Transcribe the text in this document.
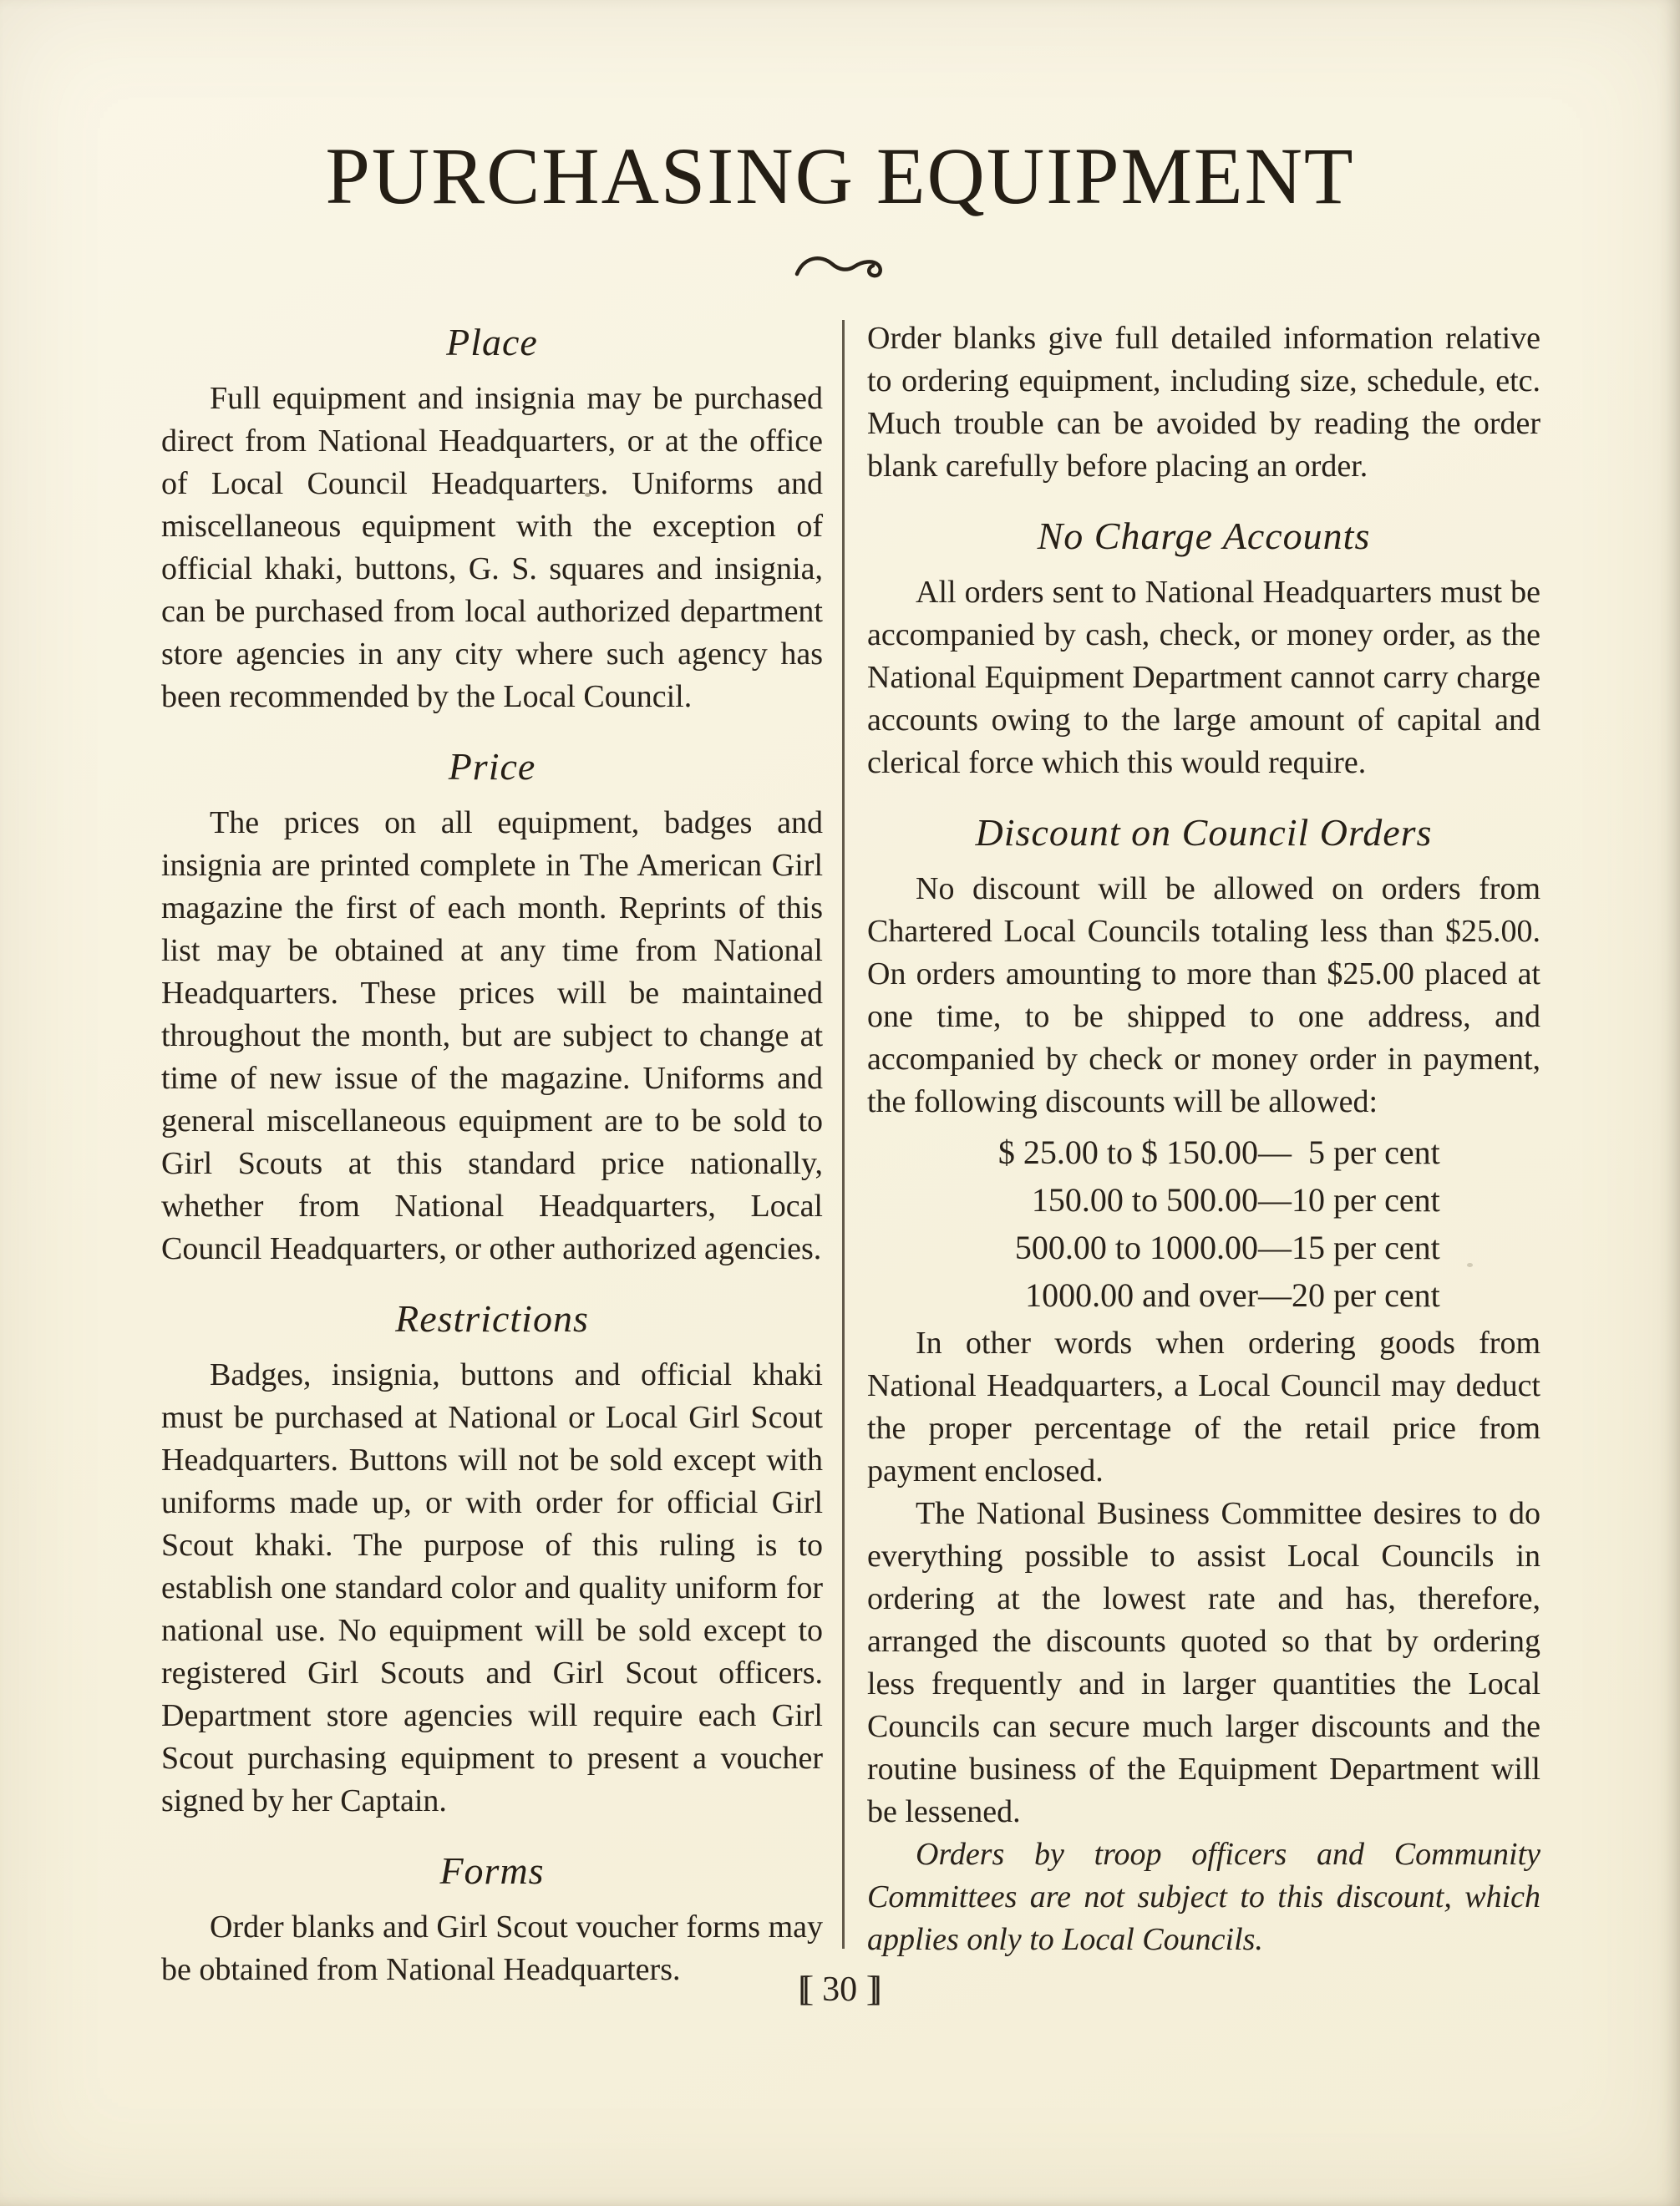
PURCHASING EQUIPMENT
Place

Full equipment and insignia may be purchased direct from National Headquarters, or at the office of Local Council Headquarters. Uniforms and miscellaneous equipment with the exception of official khaki, buttons, G. S. squares and insignia, can be purchased from local authorized department store agencies in any city where such agency has been recommended by the Local Council.

Price

The prices on all equipment, badges and insignia are printed complete in The American Girl magazine the first of each month. Reprints of this list may be obtained at any time from National Headquarters. These prices will be maintained throughout the month, but are subject to change at time of new issue of the magazine. Uniforms and general miscellaneous equipment are to be sold to Girl Scouts at this standard price nationally, whether from National Headquarters, Local Council Headquarters, or other authorized agencies.

Restrictions

Badges, insignia, buttons and official khaki must be purchased at National or Local Girl Scout Headquarters. Buttons will not be sold except with uniforms made up, or with order for official Girl Scout khaki. The purpose of this ruling is to establish one standard color and quality uniform for national use. No equipment will be sold except to registered Girl Scouts and Girl Scout officers. Department store agencies will require each Girl Scout purchasing equipment to present a voucher signed by her Captain.

Forms

Order blanks and Girl Scout voucher forms may be obtained from National Headquarters.

Order blanks give full detailed information relative to ordering equipment, including size, schedule, etc. Much trouble can be avoided by reading the order blank carefully before placing an order.

No Charge Accounts

All orders sent to National Headquarters must be accompanied by cash, check, or money order, as the National Equipment Department cannot carry charge accounts owing to the large amount of capital and clerical force which this would require.

Discount on Council Orders

No discount will be allowed on orders from Chartered Local Councils totaling less than $25.00. On orders amounting to more than $25.00 placed at one time, to be shipped to one address, and accompanied by check or money order in payment, the following discounts will be allowed:

$ 25.00 to $ 150.00 —  5 per cent
150.00 to 500.00 —10 per cent
500.00 to 1000.00 —15 per cent
1000.00 and over —20 per cent

In other words when ordering goods from National Headquarters, a Local Council may deduct the proper percentage of the retail price from payment enclosed.

The National Business Committee desires to do everything possible to assist Local Councils in ordering at the lowest rate and has, therefore, arranged the discounts quoted so that by ordering less frequently and in larger quantities the Local Councils can secure much larger discounts and the routine business of the Equipment Department will be lessened.

Orders by troop officers and Community Committees are not subject to this discount, which applies only to Local Councils.

[[ 30 ]]
